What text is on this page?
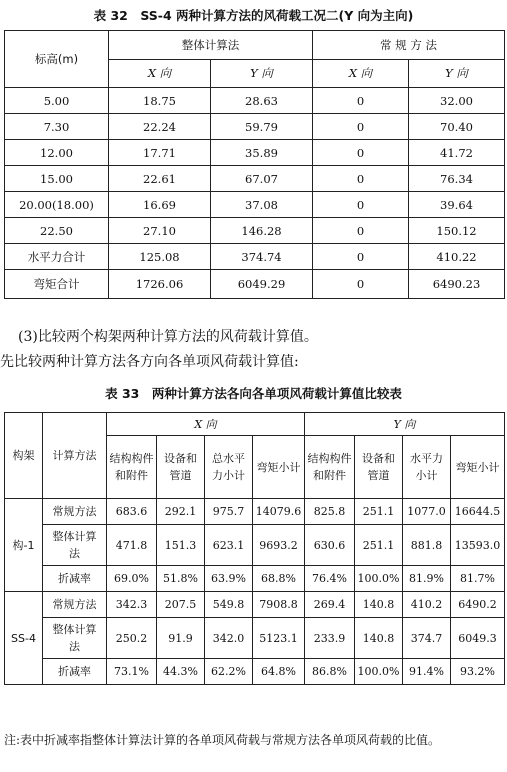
表 32　SS-4 两种计算方法的风荷载工况二(Y 向为主向)
标高(m)	整体计算法		常 规 方 法	
	X 向	Y 向	X 向	Y 向
5.00	18.75	28.63	0	32.00
7.30	22.24	59.79	0	70.40
12.00	17.71	35.89	0	41.72
15.00	22.61	67.07	0	76.34
20.00(18.00)	16.69	37.08	0	39.64
22.50	27.10	146.28	0	150.12
水平力合计	125.08	374.74	0	410.22
弯矩合计	1726.06	6049.29	0	6490.23
(3)比较两个构架两种计算方法的风荷载计算值。
先比较两种计算方法各方向各单项风荷载计算值:
表 33　两种计算方法各向各单项风荷载计算值比较表
构架	计算方法	X 向				Y 向			
		结构构件和附件	设备和管道	总水平力小计	弯矩小计	结构构件和附件	设备和管道	水平力小计	弯矩小计
构-1	常规方法	683.6	292.1	975.7	14079.6	825.8	251.1	1077.0	16644.5
	整体计算法	471.8	151.3	623.1	9693.2	630.6	251.1	881.8	13593.0
	折减率	69.0%	51.8%	63.9%	68.8%	76.4%	100.0%	81.9%	81.7%
SS-4	常规方法	342.3	207.5	549.8	7908.8	269.4	140.8	410.2	6490.2
	整体计算法	250.2	91.9	342.0	5123.1	233.9	140.8	374.7	6049.3
	折减率	73.1%	44.3%	62.2%	64.8%	86.8%	100.0%	91.4%	93.2%
注:表中折减率指整体计算法计算的各单项风荷载与常规方法各单项风荷载的比值。
